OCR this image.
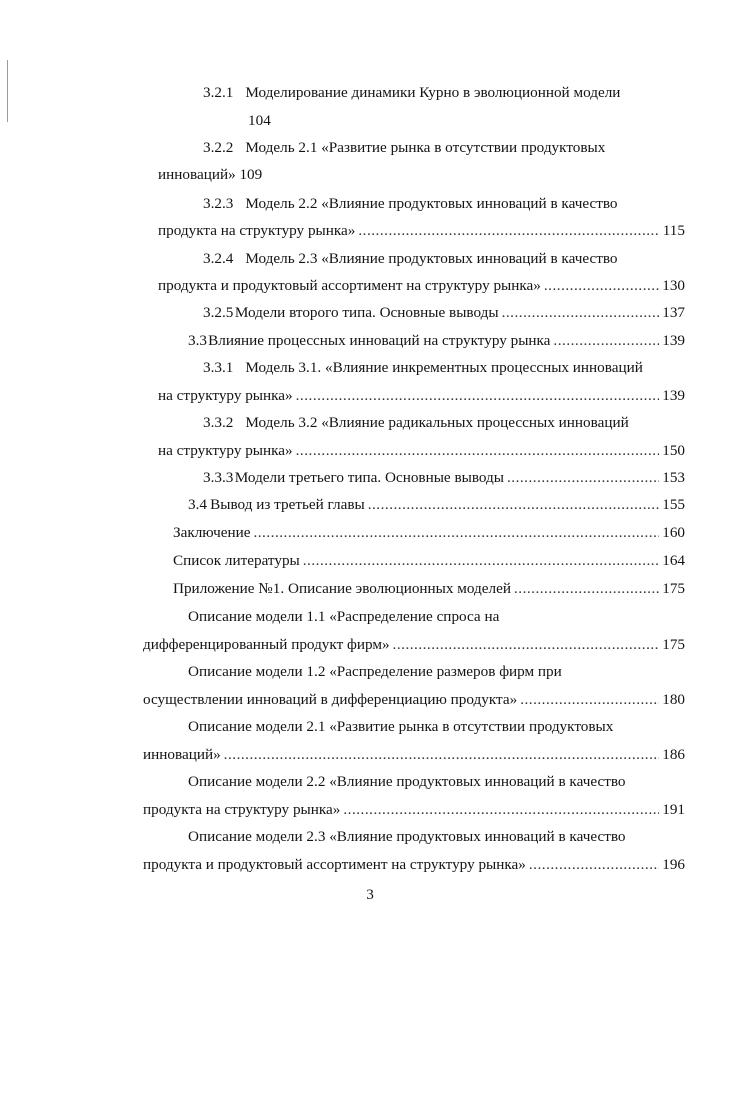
3.2.1 Моделирование динамики Курно в эволюционной модели
104
3.2.2 Модель 2.1 «Развитие рынка в отсутствии продуктовых
инноваций» 109
3.2.3 Модель 2.2 «Влияние продуктовых инноваций в качество
продукта на структуру рынка» .....	115
3.2.4 Модель 2.3 «Влияние продуктовых инноваций в качество
продукта и продуктовый ассортимент на структуру рынка» .....	130
3.2.5 Модели второго типа. Основные выводы .....	137
3.3 Влияние процессных инноваций на структуру рынка .....	139
3.3.1 Модель 3.1. «Влияние инкрементных процессных инноваций
на структуру рынка» .....	139
3.3.2 Модель 3.2 «Влияние радикальных процессных инноваций
на структуру рынка» .....	150
3.3.3 Модели третьего типа. Основные выводы .....	153
3.4 Вывод из третьей главы .....	155
Заключение .....	160
Список литературы .....	164
Приложение №1. Описание эволюционных моделей .....	175
Описание модели 1.1 «Распределение спроса на
дифференцированный продукт фирм» .....	175
Описание модели 1.2 «Распределение размеров фирм при
осуществлении инноваций в дифференциацию продукта» .....	180
Описание модели 2.1 «Развитие рынка в отсутствии продуктовых
инноваций» .....	186
Описание модели 2.2 «Влияние продуктовых инноваций в качество
продукта на структуру рынка» .....	191
Описание модели 2.3 «Влияние продуктовых инноваций в качество
продукта и продуктовый ассортимент на структуру рынка» .....	196
3
